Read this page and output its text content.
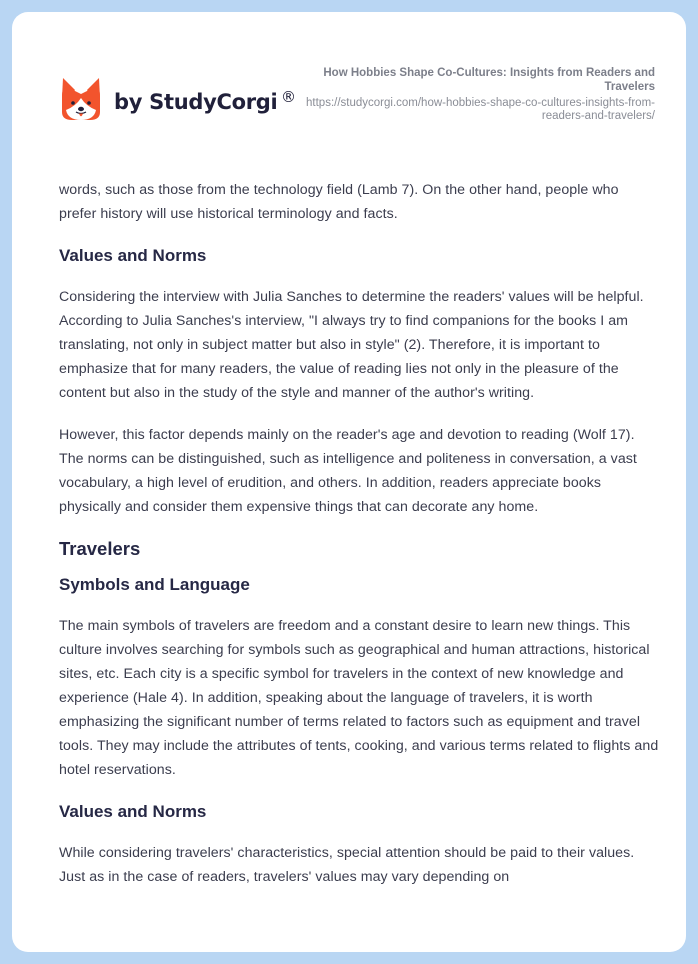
by StudyCorgi ®
How Hobbies Shape Co-Cultures: Insights from Readers and Travelers
https://studycorgi.com/how-hobbies-shape-co-cultures-insights-from-readers-and-travelers/

words, such as those from the technology field (Lamb 7). On the other hand, people who prefer history will use historical terminology and facts.

Values and Norms

Considering the interview with Julia Sanches to determine the readers' values will be helpful. According to Julia Sanches's interview, "I always try to find companions for the books I am translating, not only in subject matter but also in style" (2). Therefore, it is important to emphasize that for many readers, the value of reading lies not only in the pleasure of the content but also in the study of the style and manner of the author's writing.

However, this factor depends mainly on the reader's age and devotion to reading (Wolf 17). The norms can be distinguished, such as intelligence and politeness in conversation, a vast vocabulary, a high level of erudition, and others. In addition, readers appreciate books physically and consider them expensive things that can decorate any home.

Travelers
Symbols and Language

The main symbols of travelers are freedom and a constant desire to learn new things. This culture involves searching for symbols such as geographical and human attractions, historical sites, etc. Each city is a specific symbol for travelers in the context of new knowledge and experience (Hale 4). In addition, speaking about the language of travelers, it is worth emphasizing the significant number of terms related to factors such as equipment and travel tools. They may include the attributes of tents, cooking, and various terms related to flights and hotel reservations.

Values and Norms

While considering travelers' characteristics, special attention should be paid to their values. Just as in the case of readers, travelers' values may vary depending on
